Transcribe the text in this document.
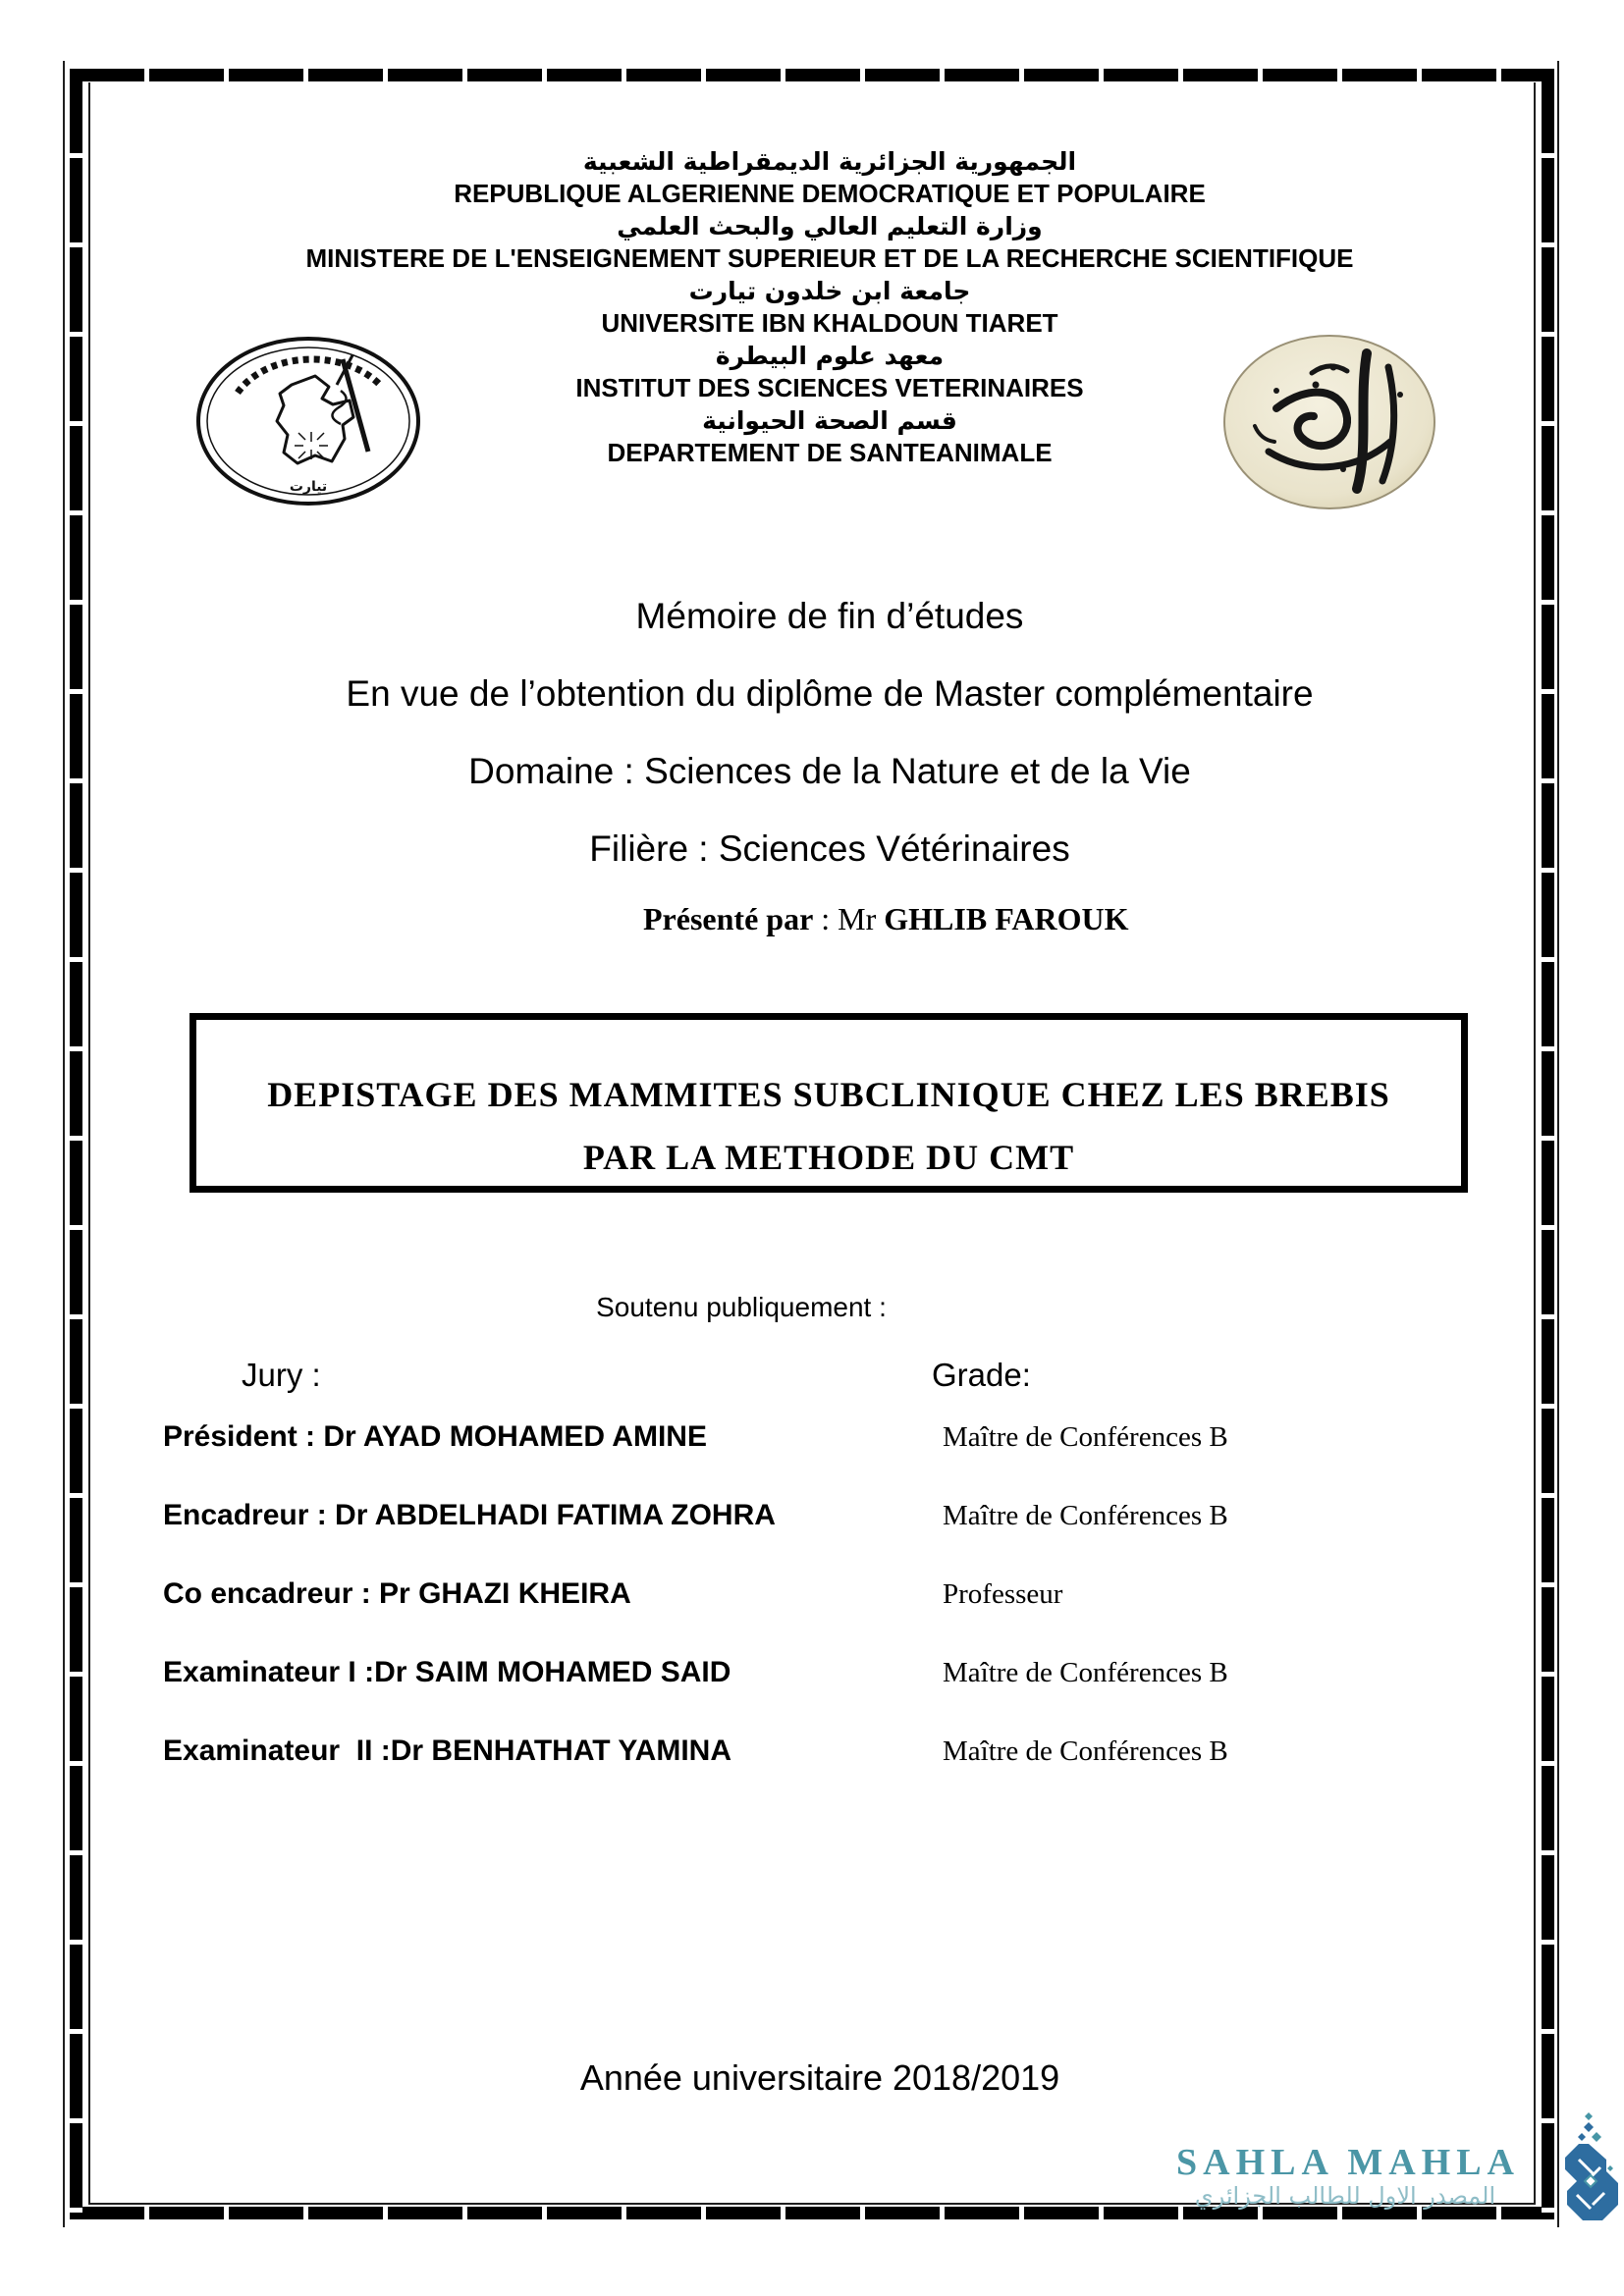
الجمهورية الجزائرية الديمقراطية الشعبية
REPUBLIQUE ALGERIENNE DEMOCRATIQUE ET POPULAIRE
وزارة التعليم العالي والبحث العلمي
MINISTERE DE L'ENSEIGNEMENT SUPERIEUR ET DE LA RECHERCHE SCIENTIFIQUE
جامعة ابن خلدون تيارت
UNIVERSITE IBN KHALDOUN TIARET
معهد علوم البيطرة
INSTITUT DES SCIENCES VETERINAIRES
قسم الصحة الحيوانية
DEPARTEMENT DE SANTEANIMALE
تيارت
Mémoire de fin d’études
En vue de l’obtention du diplôme de Master complémentaire
Domaine : Sciences de la Nature et de la Vie
Filière : Sciences Vétérinaires
Présenté par : Mr GHLIB FAROUK
DEPISTAGE DES MAMMITES SUBCLINIQUE CHEZ LES BREBIS
PAR LA METHODE DU CMT
Soutenu publiquement :
Jury :	Grade:
Président : Dr AYAD MOHAMED AMINE	Maître de Conférences B
Encadreur : Dr ABDELHADI FATIMA ZOHRA	Maître de Conférences B
Co encadreur : Pr GHAZI KHEIRA	Professeur
Examinateur I :Dr SAIM MOHAMED SAID	Maître de Conférences B
Examinateur  II :Dr BENHATHAT YAMINA	Maître de Conférences B
Année universitaire 2018/2019
SAHLA MAHLA
المصدر الاول للطالب الجزائري
